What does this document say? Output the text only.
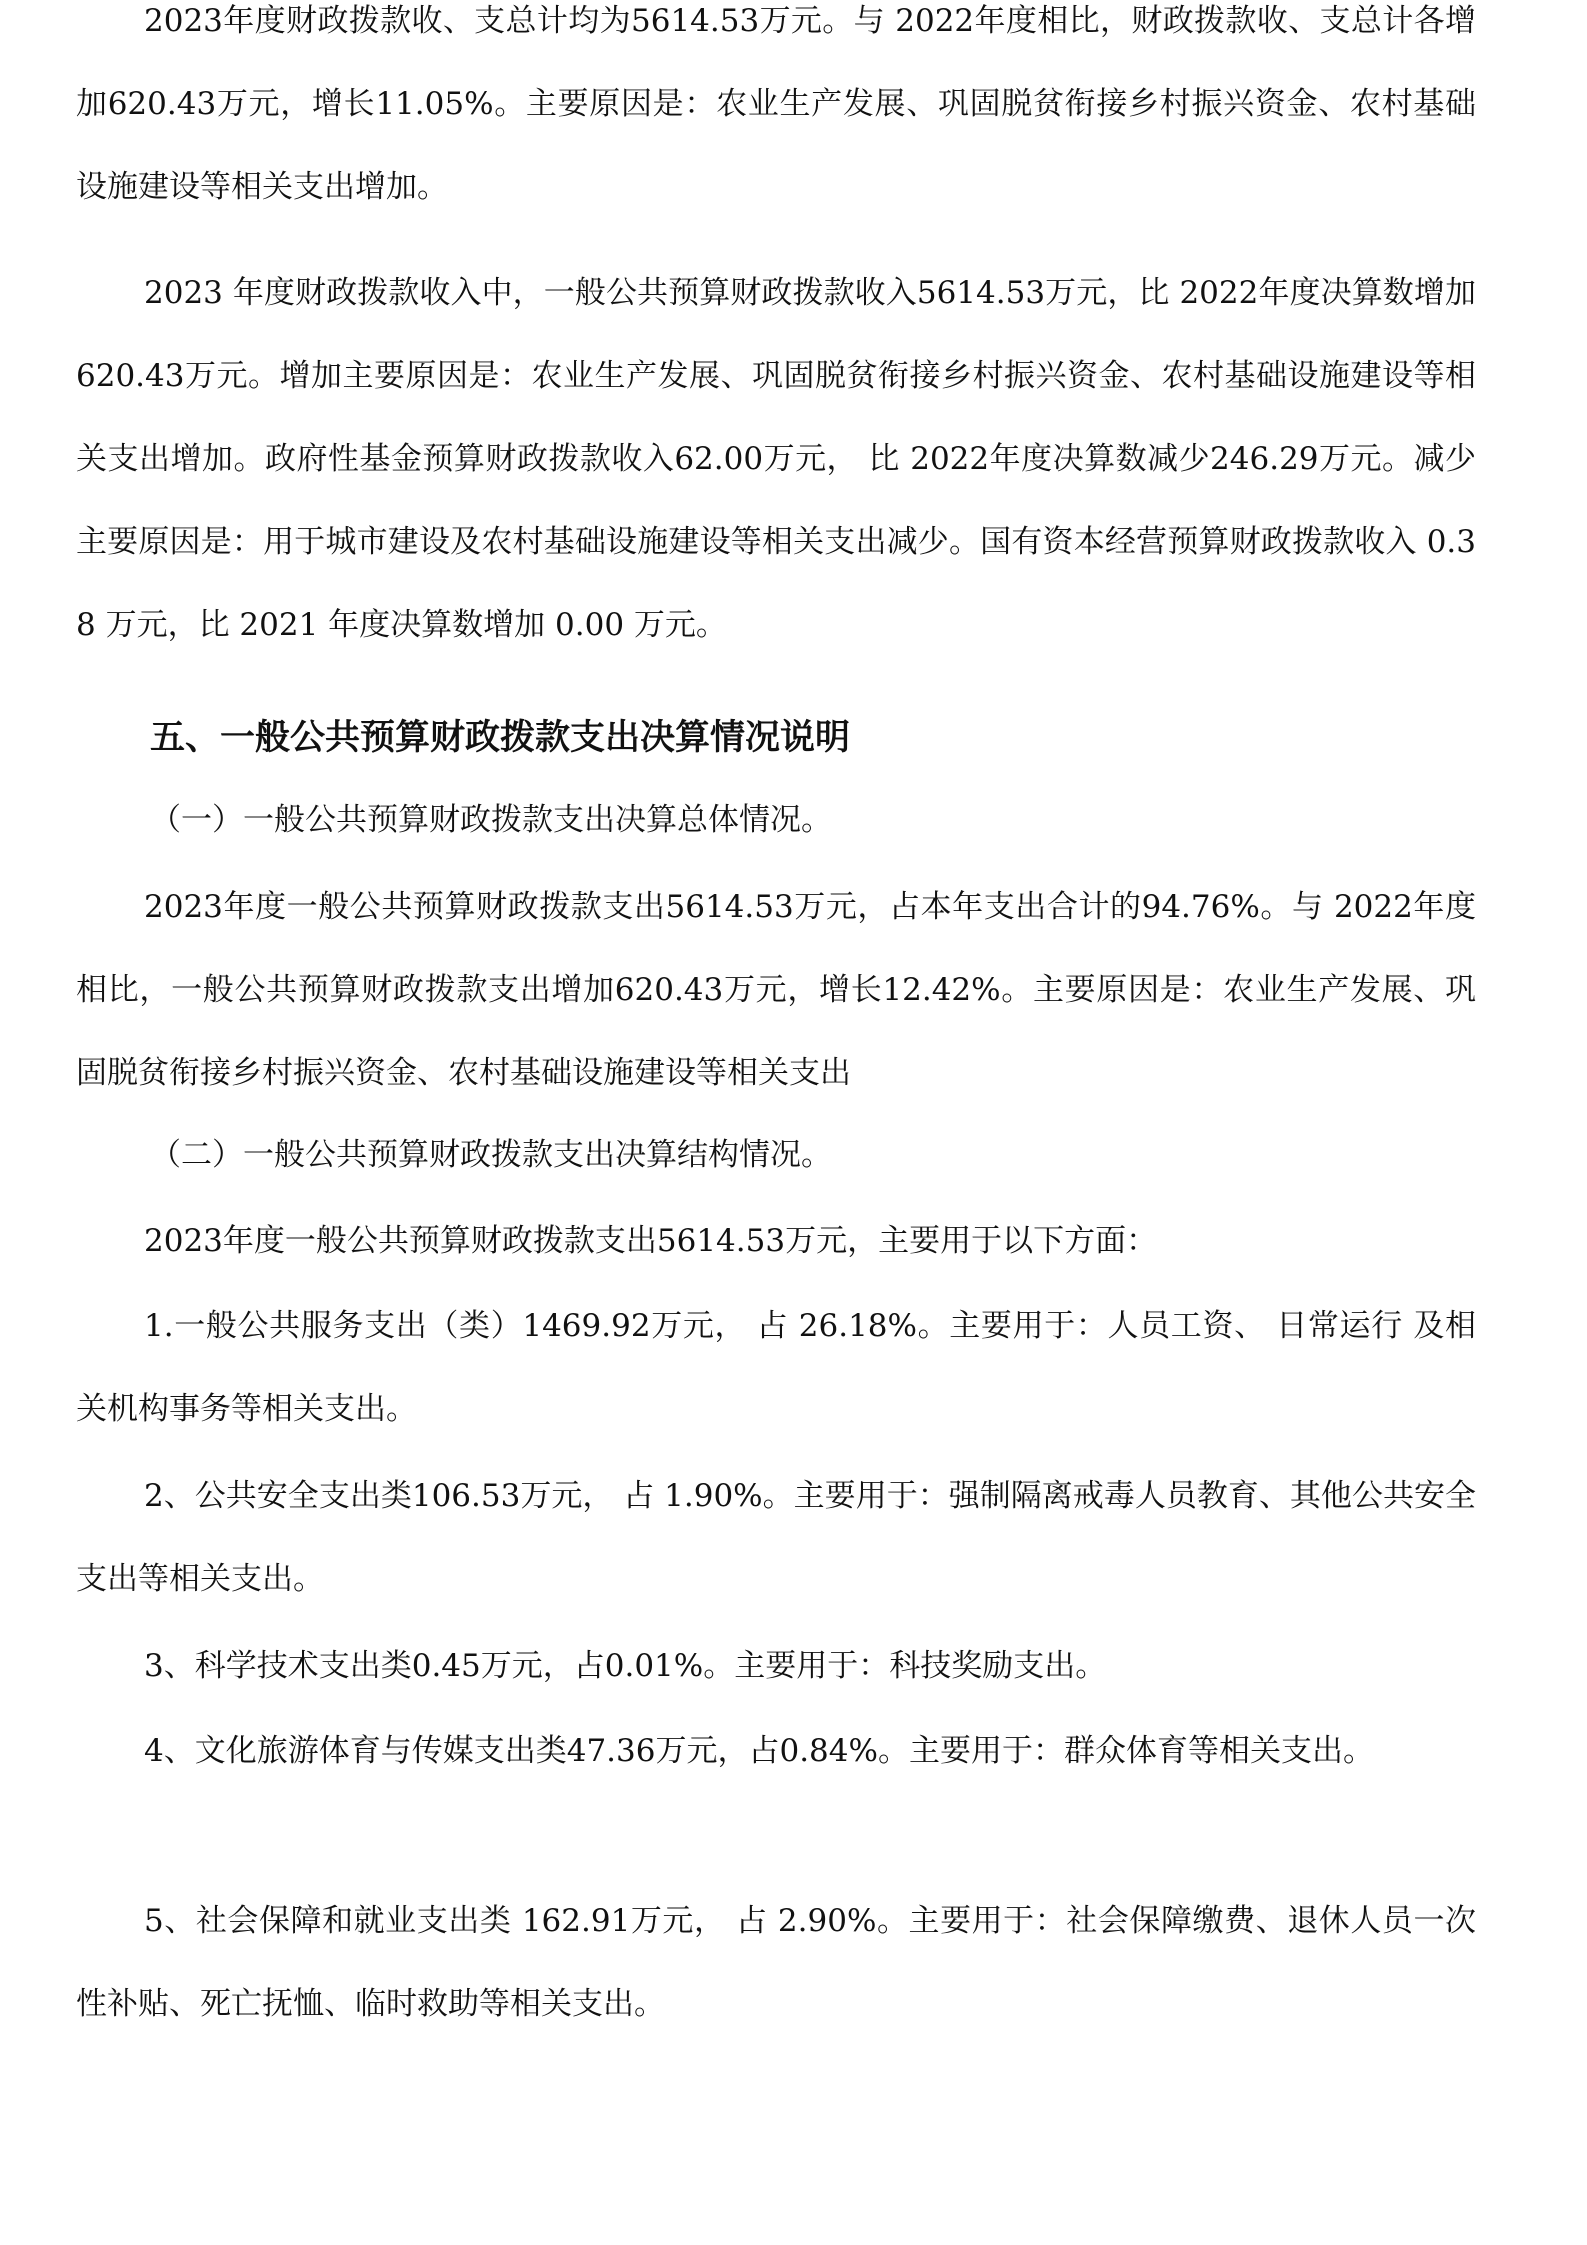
2023年度财政拨款收、支总计均为5614.53万元。与 2022年度相比，财政拨款收、支总计各增加620.43万元，增长11.05%。主要原因是：农业生产发展、巩固脱贫衔接乡村振兴资金、农村基础设施建设等相关支出增加。

2023 年度财政拨款收入中，一般公共预算财政拨款收入5614.53万元，比 2022年度决算数增加620.43万元。增加主要原因是：农业生产发展、巩固脱贫衔接乡村振兴资金、农村基础设施建设等相关支出增加。政府性基金预算财政拨款收入62.00万元， 比 2022年度决算数减少246.29万元。减少主要原因是：用于城市建设及农村基础设施建设等相关支出减少。国有资本经营预算财政拨款收入 0.38 万元，比 2021 年度决算数增加 0.00 万元。

五、一般公共预算财政拨款支出决算情况说明

（一）一般公共预算财政拨款支出决算总体情况。

2023年度一般公共预算财政拨款支出5614.53万元，占本年支出合计的94.76%。与 2022年度相比，一般公共预算财政拨款支出增加620.43万元，增长12.42%。主要原因是：农业生产发展、巩固脱贫衔接乡村振兴资金、农村基础设施建设等相关支出

（二）一般公共预算财政拨款支出决算结构情况。

2023年度一般公共预算财政拨款支出5614.53万元，主要用于以下方面：

1.一般公共服务支出（类）1469.92万元， 占 26.18%。主要用于：人员工资、 日常运行 及相关机构事务等相关支出。

2、公共安全支出类106.53万元， 占 1.90%。主要用于：强制隔离戒毒人员教育、其他公共安全支出等相关支出。

3、科学技术支出类0.45万元，占0.01%。主要用于：科技奖励支出。

4、文化旅游体育与传媒支出类47.36万元，占0.84%。主要用于：群众体育等相关支出。

5、社会保障和就业支出类 162.91万元， 占 2.90%。主要用于：社会保障缴费、退休人员一次性补贴、死亡抚恤、临时救助等相关支出。
